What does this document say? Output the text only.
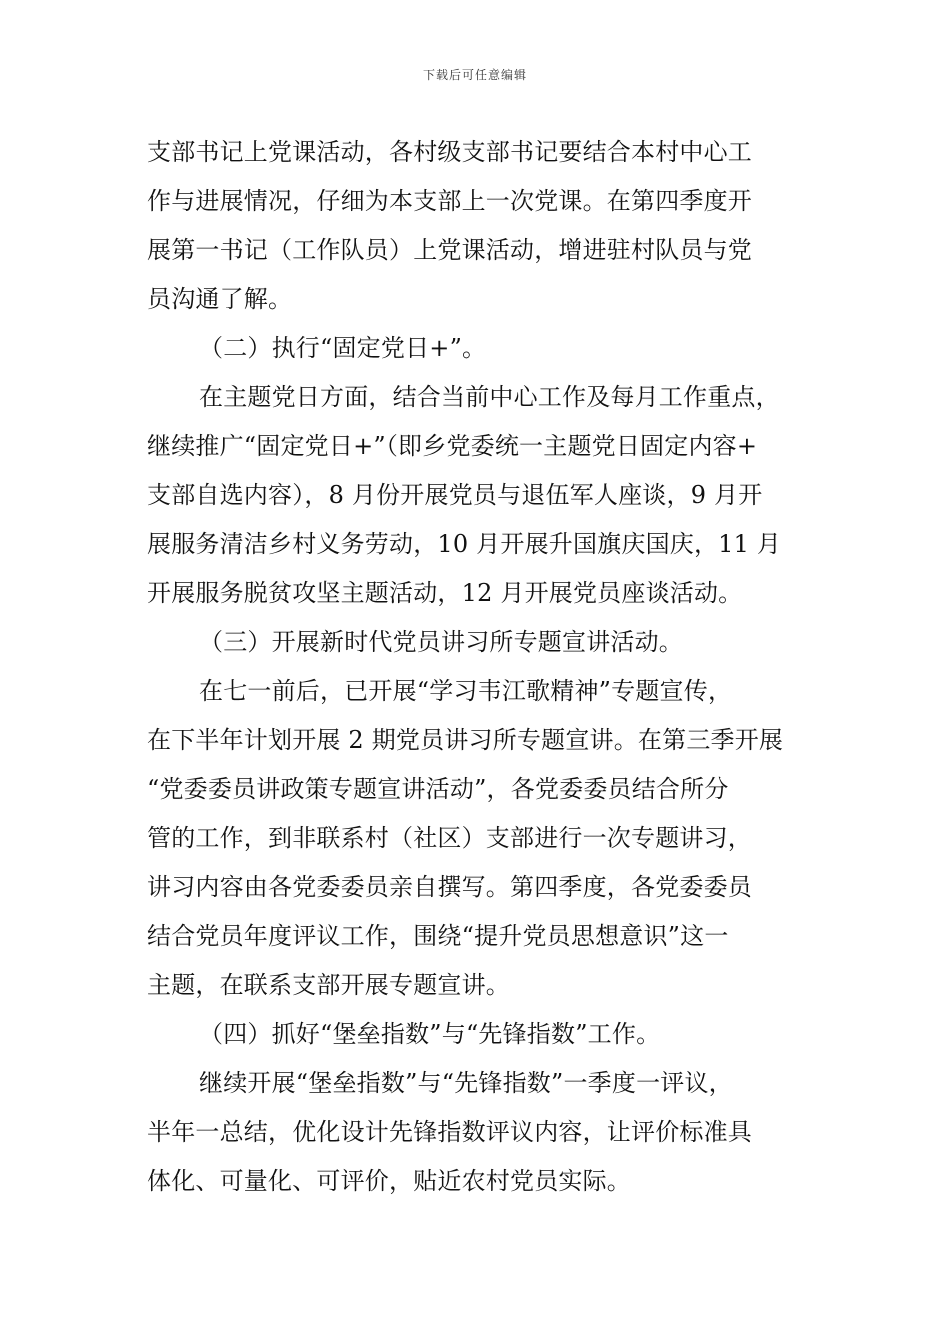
下载后可任意编辑
支部书记上党课活动，各村级支部书记要结合本村中心工
作与进展情况，仔细为本支部上一次党课。在第四季度开
展第一书记（工作队员）上党课活动，增进驻村队员与党
员沟通了解。
（二）执行“固定党日+”。
在主题党日方面，结合当前中心工作及每月工作重点，
继续推广“固定党日+”（即乡党委统一主题党日固定内容+
支部自选内容），8 月份开展党员与退伍军人座谈，9 月开
展服务清洁乡村义务劳动，10 月开展升国旗庆国庆，11 月
开展服务脱贫攻坚主题活动，12 月开展党员座谈活动。
（三）开展新时代党员讲习所专题宣讲活动。
在七一前后，已开展“学习韦江歌精神”专题宣传，
在下半年计划开展 2 期党员讲习所专题宣讲。在第三季开展
“党委委员讲政策专题宣讲活动”，各党委委员结合所分
管的工作，到非联系村（社区）支部进行一次专题讲习，
讲习内容由各党委委员亲自撰写。第四季度，各党委委员
结合党员年度评议工作，围绕“提升党员思想意识”这一
主题，在联系支部开展专题宣讲。
（四）抓好“堡垒指数”与“先锋指数”工作。
继续开展“堡垒指数”与“先锋指数”一季度一评议，
半年一总结，优化设计先锋指数评议内容，让评价标准具
体化、可量化、可评价，贴近农村党员实际。
